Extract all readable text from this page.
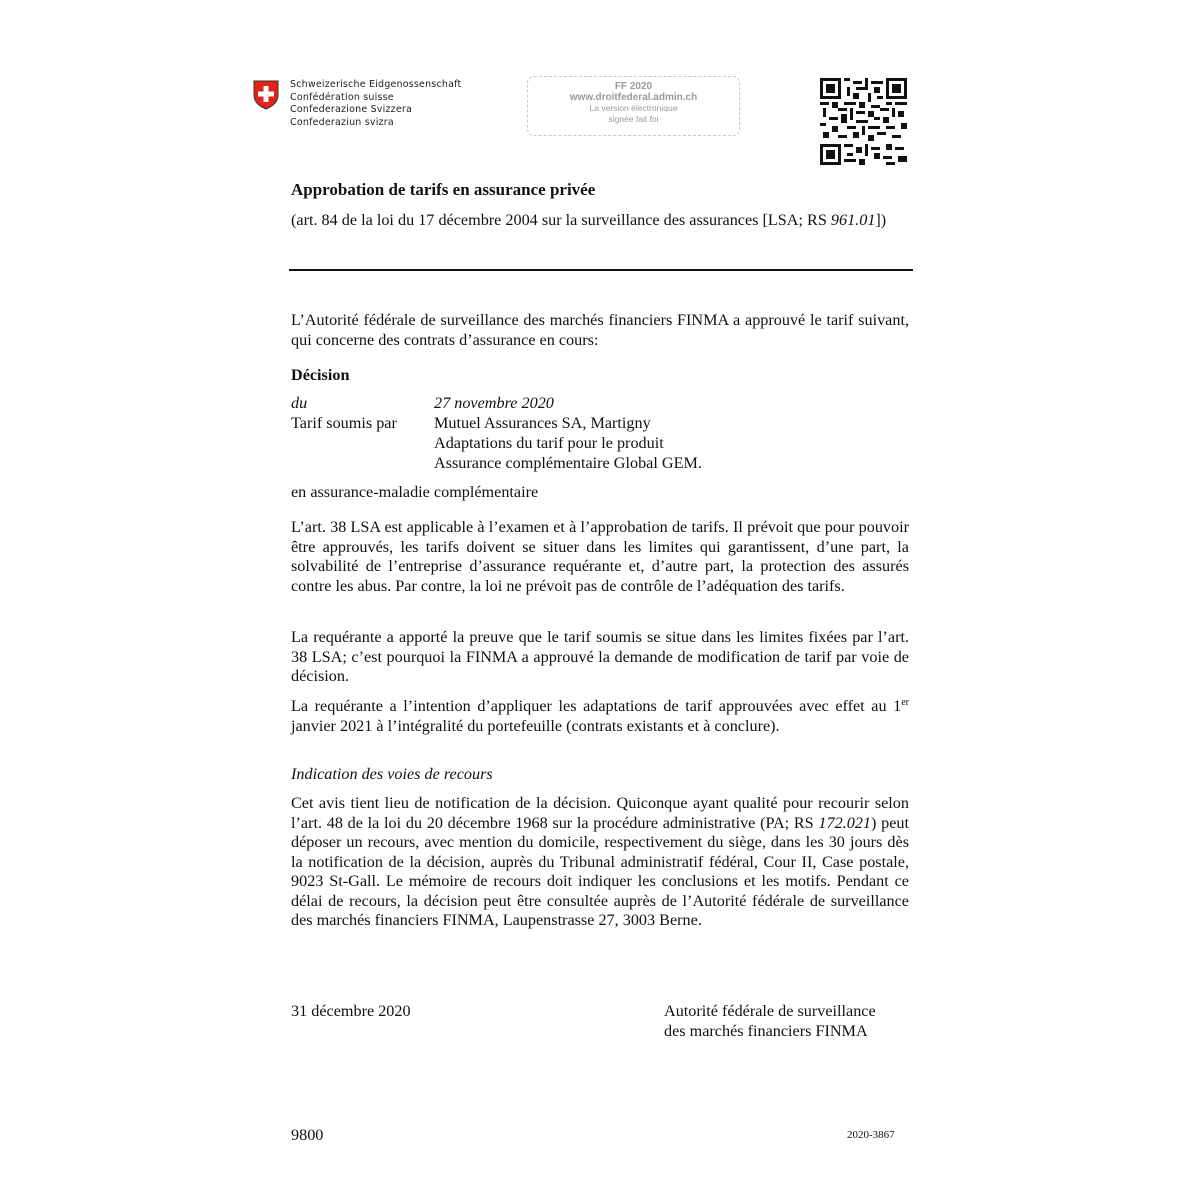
Schweizerische Eidgenossenschaft
Confédération suisse
Confederazione Svizzera
Confederaziun svizra
FF 2020
www.droitfederal.admin.ch
La version électronique
signée fait foi
Approbation de tarifs en assurance privée
(art. 84 de la loi du 17 décembre 2004 sur la surveillance des assurances [LSA; RS 961.01])
L’Autorité fédérale de surveillance des marchés financiers FINMA a approuvé le tarif suivant, qui concerne des contrats d’assurance en cours:
Décision
du	27 novembre 2020
Tarif soumis par Mutuel Assurances SA, Martigny
Adaptations du tarif pour le produit
Assurance complémentaire Global GEM.
en assurance-maladie complémentaire
L’art. 38 LSA est applicable à l’examen et à l’approbation de tarifs. Il prévoit que pour pouvoir être approuvés, les tarifs doivent se situer dans les limites qui garantissent, d’une part, la solvabilité de l’entreprise d’assurance requérante et, d’autre part, la protection des assurés contre les abus. Par contre, la loi ne prévoit pas de contrôle de l’adéquation des tarifs.
La requérante a apporté la preuve que le tarif soumis se situe dans les limites fixées par l’art. 38 LSA; c’est pourquoi la FINMA a approuvé la demande de modification de tarif par voie de décision.
La requérante a l’intention d’appliquer les adaptations de tarif approuvées avec effet au 1er janvier 2021 à l’intégralité du portefeuille (contrats existants et à conclure).
Indication des voies de recours
Cet avis tient lieu de notification de la décision. Quiconque ayant qualité pour recourir selon l’art. 48 de la loi du 20 décembre 1968 sur la procédure administrative (PA; RS 172.021) peut déposer un recours, avec mention du domicile, respectivement du siège, dans les 30 jours dès la notification de la décision, auprès du Tribunal administratif fédéral, Cour II, Case postale, 9023 St-Gall. Le mémoire de recours doit indiquer les conclusions et les motifs. Pendant ce délai de recours, la décision peut être consultée auprès de l’Autorité fédérale de surveillance des marchés financiers FINMA, Laupenstrasse 27, 3003 Berne.
31 décembre 2020	Autorité fédérale de surveillance
des marchés financiers FINMA
9800	2020-3867
